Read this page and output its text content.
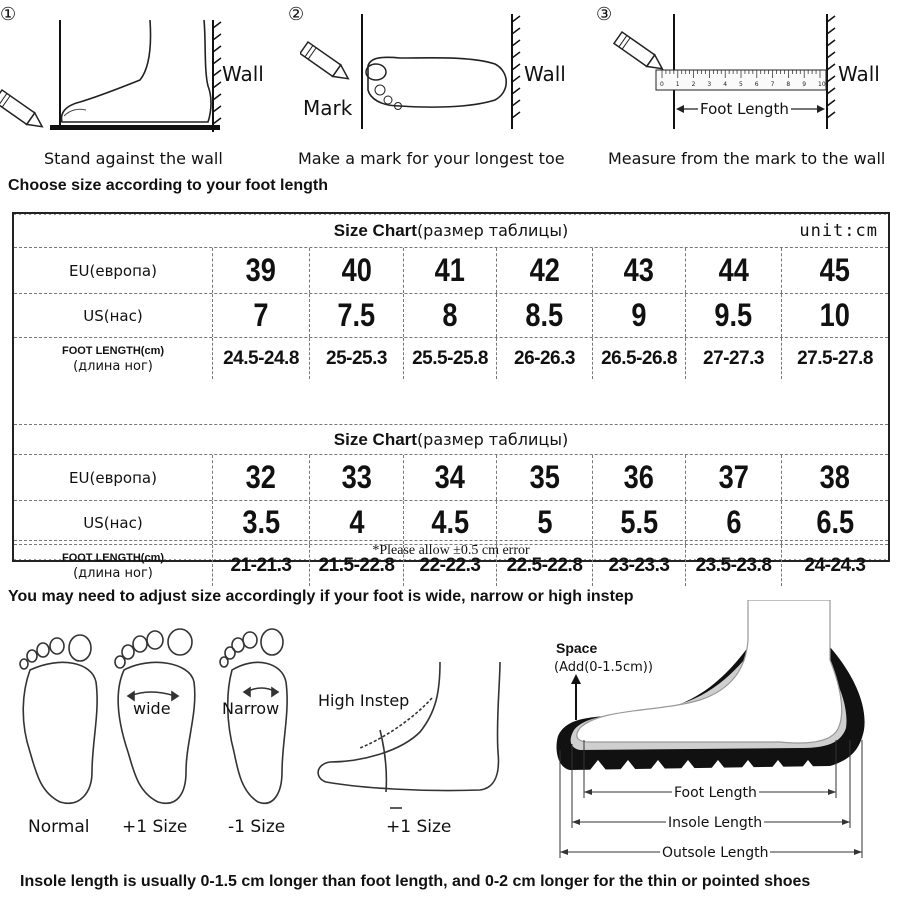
①
Wall
Stand against the wall
②
Mark
Wall
Make a mark for your longest toe
③
0 1 2 3 4 5 6 7 8 9 10
Foot Length
Wall
Measure from the mark to the wall
Choose size according to your foot length
Size Chart (размер таблицы)	unit:cm
EU(европа)	39 40 41 42 43 44 45
US(нас)	7 7.5 8 8.5 9 9.5 10
FOOT LENGTH(cm)
(длина ног)	24.5-24.8 25-25.3 25.5-25.8 26-26.3 26.5-26.8 27-27.3 27.5-27.8
Size Chart (размер таблицы)
EU(европа)	32 33 34 35 36 37 38
US(нас)	3.5 4 4.5 5 5.5 6 6.5
FOOT LENGTH(cm)
(длина ног)	21-21.3 21.5-22.8 22-22.3 22.5-22.8 23-23.3 23.5-23.8 24-24.3
*Please allow ±0.5 cm error
You may need to adjust size accordingly if your foot is wide, narrow or high instep
Normal +1 Size -1 Size	+1 Size
wide	Narrow High Instep
Space
(Add(0-1.5cm))
Foot Length
Insole Length
Outsole Length
Insole length is usually 0-1.5 cm longer than foot length, and 0-2 cm longer for the thin or pointed shoes
